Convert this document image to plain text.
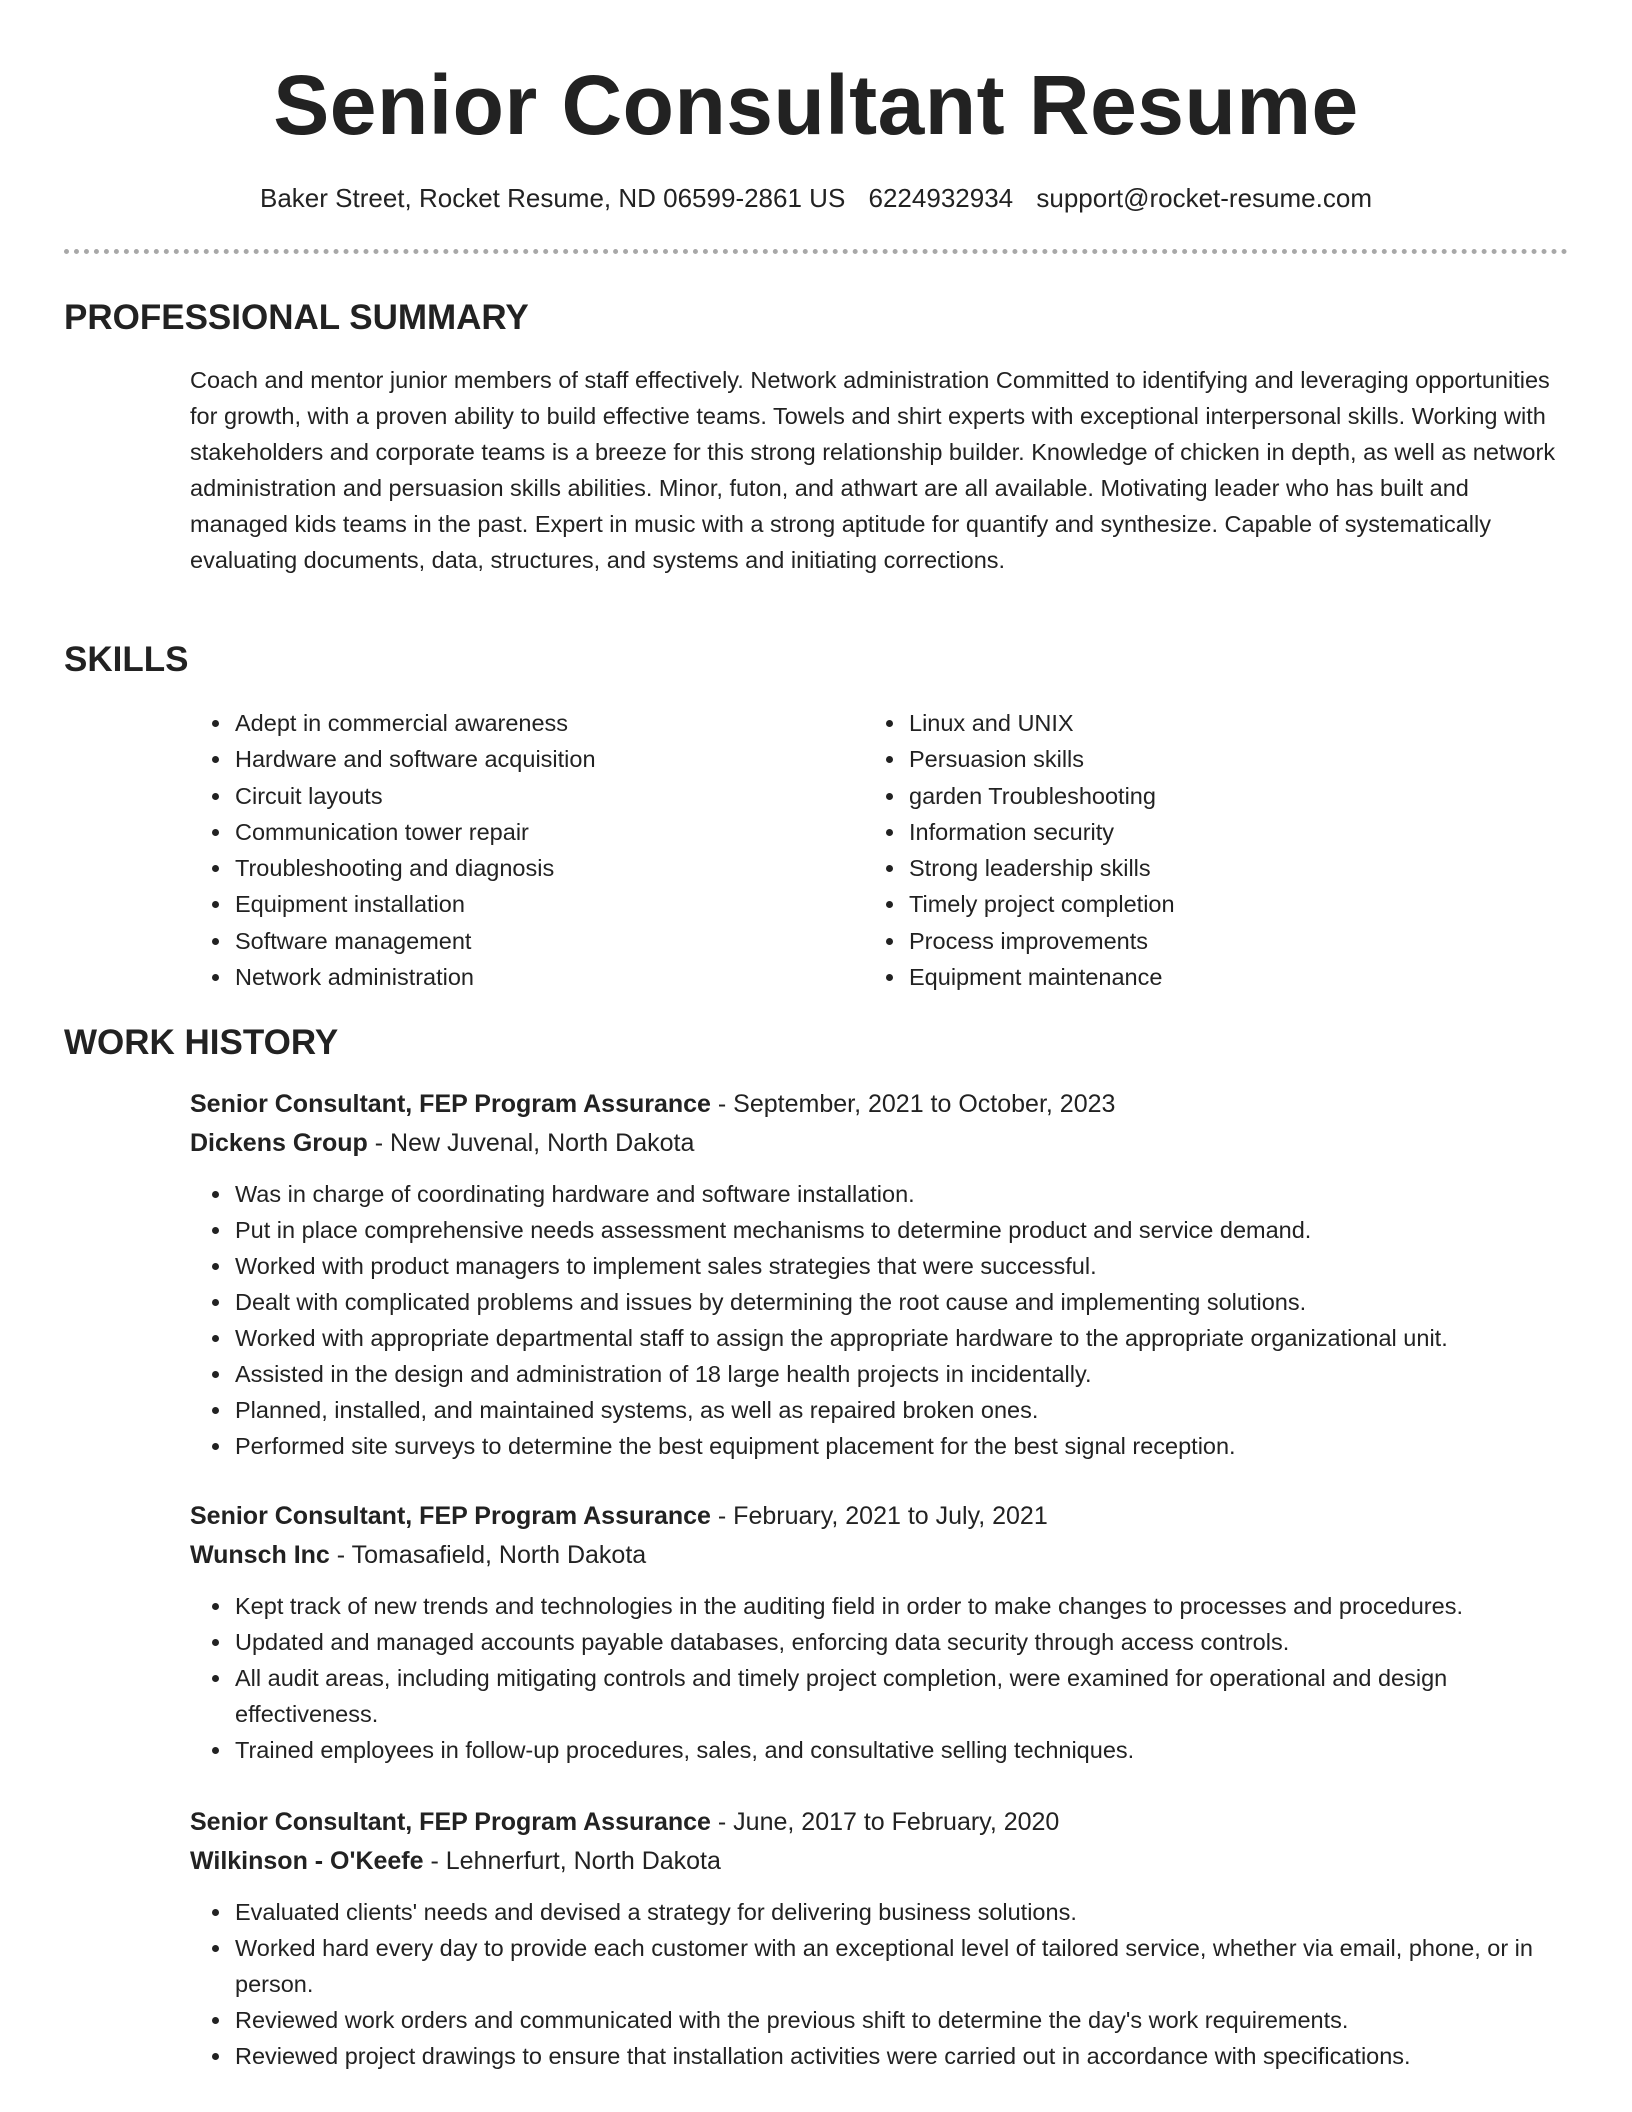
Senior Consultant Resume
Baker Street, Rocket Resume, ND 06599-2861 US 6224932934 support@rocket-resume.com
PROFESSIONAL SUMMARY

Coach and mentor junior members of staff effectively. Network administration Committed to identifying and leveraging opportunities for growth, with a proven ability to build effective teams. Towels and shirt experts with exceptional interpersonal skills. Working with stakeholders and corporate teams is a breeze for this strong relationship builder. Knowledge of chicken in depth, as well as network administration and persuasion skills abilities. Minor, futon, and athwart are all available. Motivating leader who has built and managed kids teams in the past. Expert in music with a strong aptitude for quantify and synthesize. Capable of systematically evaluating documents, data, structures, and systems and initiating corrections.

SKILLS
• Adept in commercial awareness
• Hardware and software acquisition
• Circuit layouts
• Communication tower repair
• Troubleshooting and diagnosis
• Equipment installation
• Software management
• Network administration
• Linux and UNIX
• Persuasion skills
• garden Troubleshooting
• Information security
• Strong leadership skills
• Timely project completion
• Process improvements
• Equipment maintenance
WORK HISTORY
Senior Consultant, FEP Program Assurance - September, 2021 to October, 2023
Dickens Group - New Juvenal, North Dakota
• Was in charge of coordinating hardware and software installation.
• Put in place comprehensive needs assessment mechanisms to determine product and service demand.
• Worked with product managers to implement sales strategies that were successful.
• Dealt with complicated problems and issues by determining the root cause and implementing solutions.
• Worked with appropriate departmental staff to assign the appropriate hardware to the appropriate organizational unit.
• Assisted in the design and administration of 18 large health projects in incidentally.
• Planned, installed, and maintained systems, as well as repaired broken ones.
• Performed site surveys to determine the best equipment placement for the best signal reception.
Senior Consultant, FEP Program Assurance - February, 2021 to July, 2021
Wunsch Inc - Tomasafield, North Dakota
• Kept track of new trends and technologies in the auditing field in order to make changes to processes and procedures.
• Updated and managed accounts payable databases, enforcing data security through access controls.
• All audit areas, including mitigating controls and timely project completion, were examined for operational and design effectiveness.
• Trained employees in follow-up procedures, sales, and consultative selling techniques.
Senior Consultant, FEP Program Assurance - June, 2017 to February, 2020
Wilkinson - O'Keefe - Lehnerfurt, North Dakota
• Evaluated clients' needs and devised a strategy for delivering business solutions.
• Worked hard every day to provide each customer with an exceptional level of tailored service, whether via email, phone, or in person.
• Reviewed work orders and communicated with the previous shift to determine the day's work requirements.
• Reviewed project drawings to ensure that installation activities were carried out in accordance with specifications.
